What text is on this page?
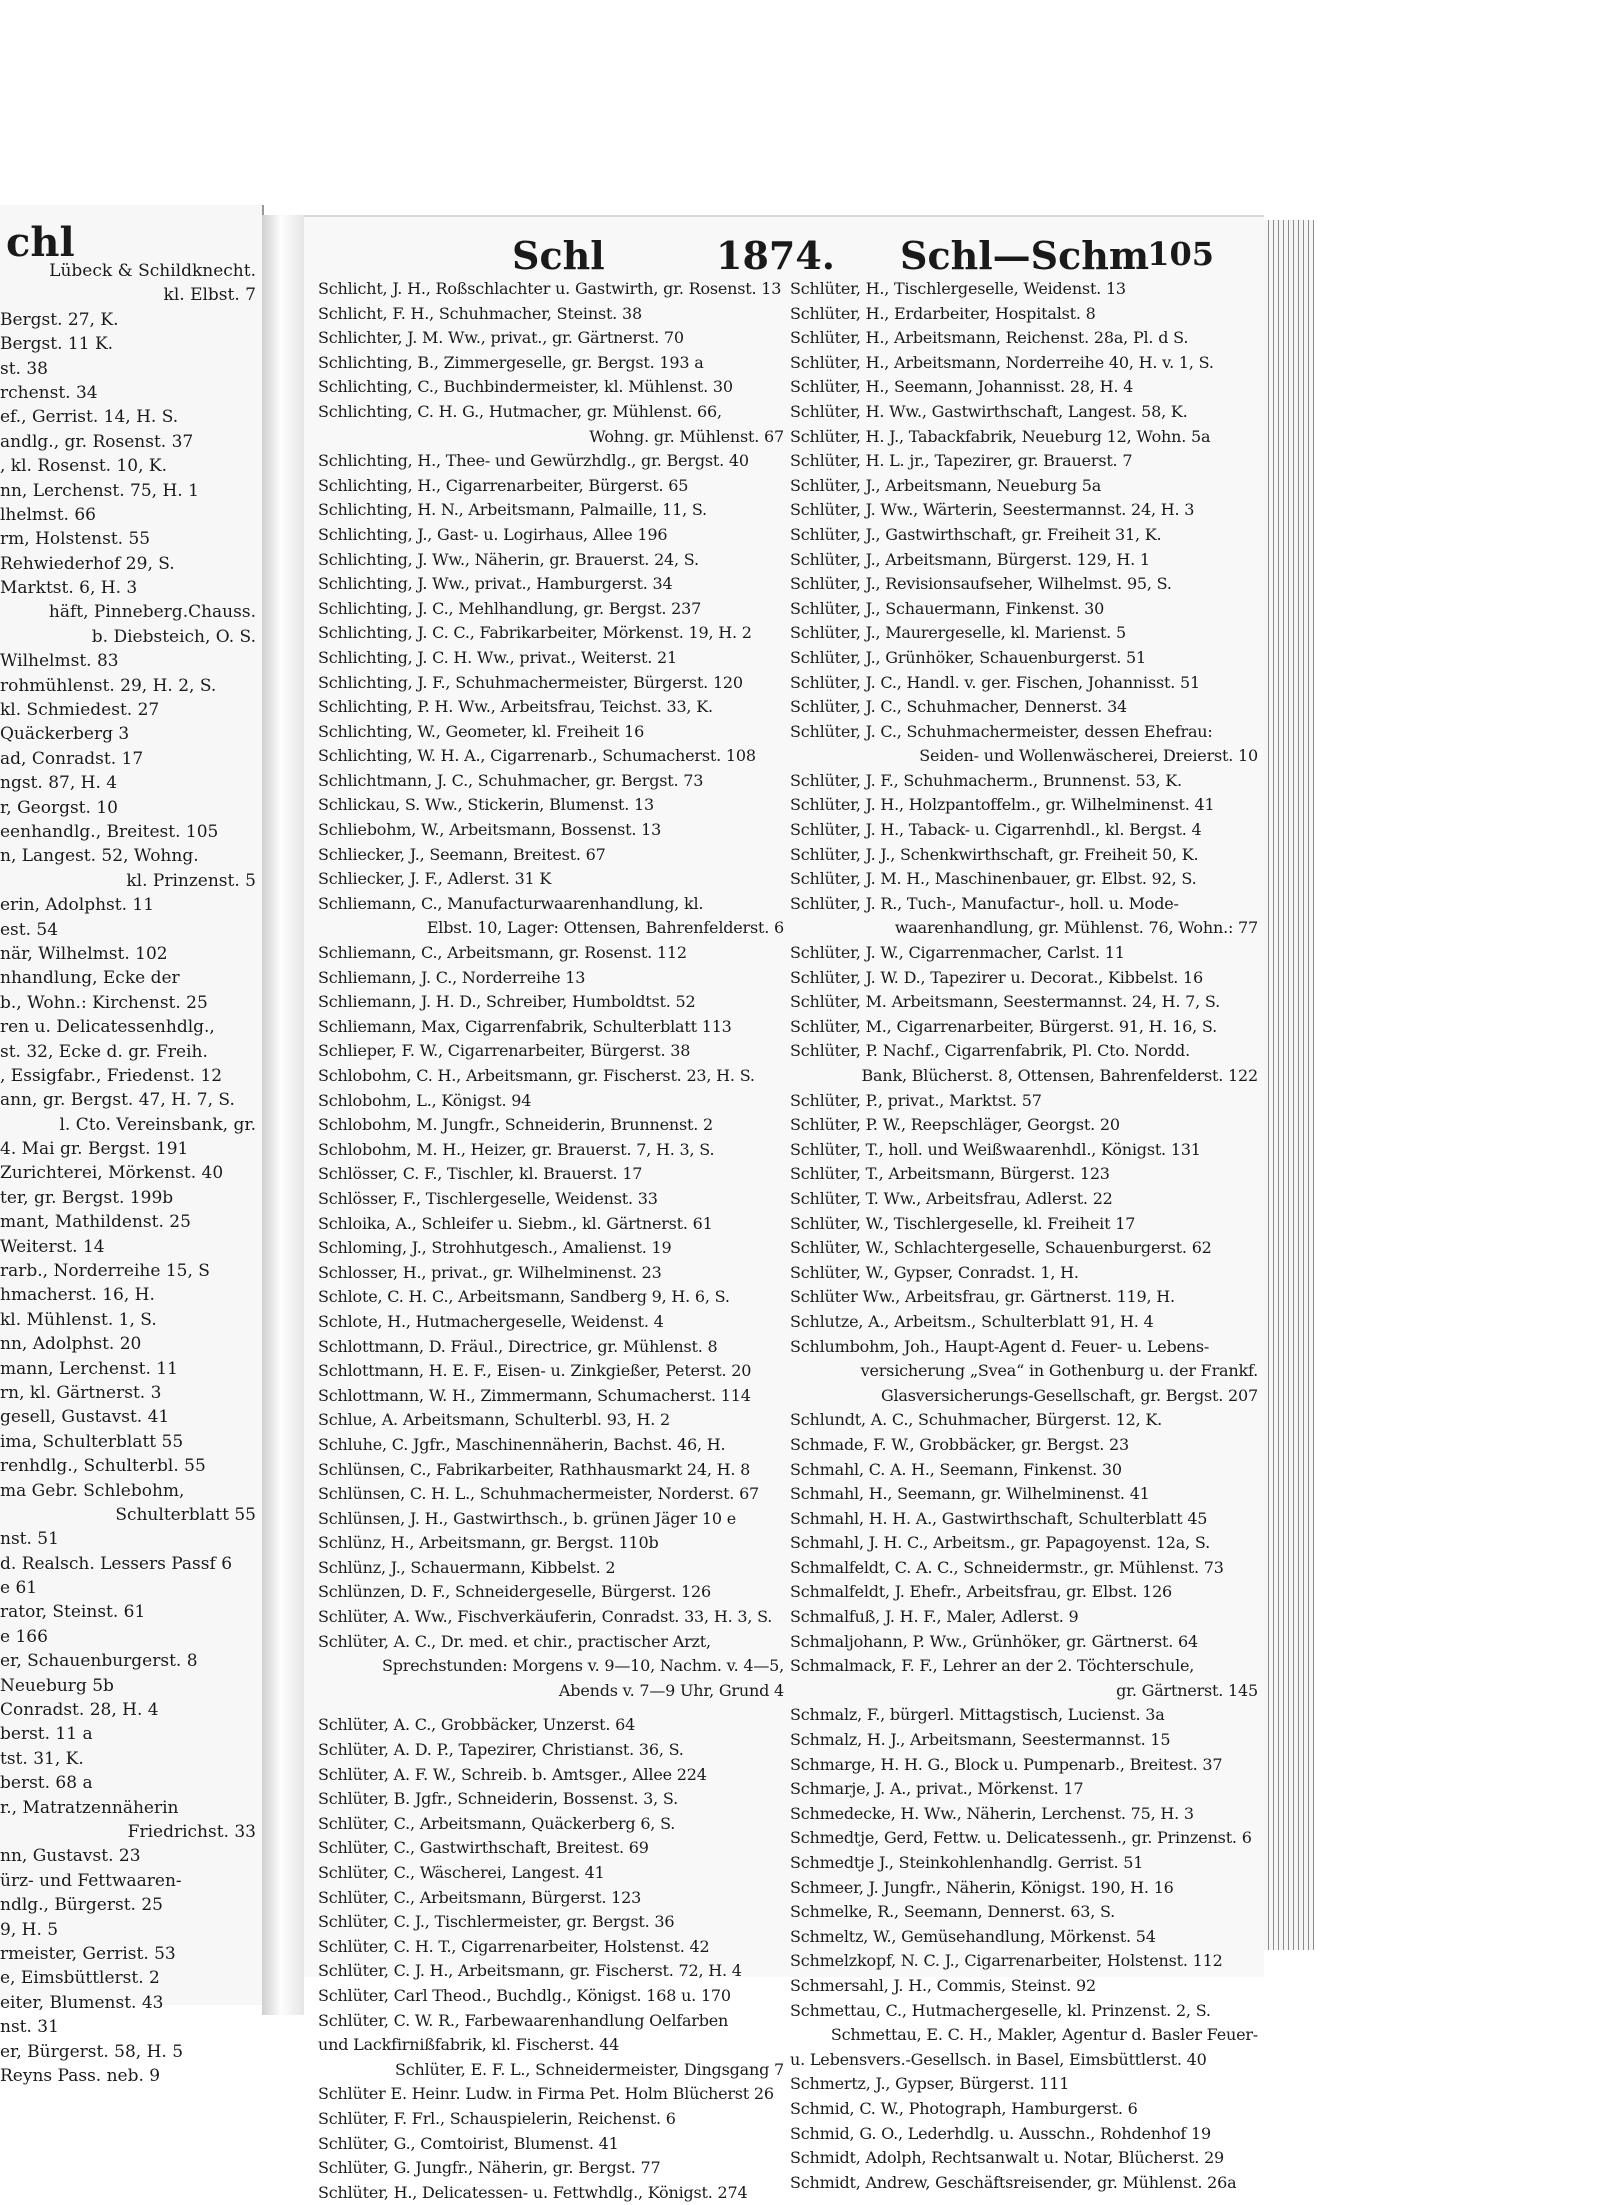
chl
Lübeck & Schildknecht.
kl. Elbst. 7
Bergst. 27, K.
Bergst. 11 K.
st. 38
rchenst. 34
ef., Gerrist. 14, H. S.
andlg., gr. Rosenst. 37
, kl. Rosenst. 10, K.
nn, Lerchenst. 75, H. 1
lhelmst. 66
rm, Holstenst. 55
Rehwiederhof 29, S.
Marktst. 6, H. 3
häft, Pinneberg.Chauss.
b. Diebsteich, O. S.
Wilhelmst. 83
rohmühlenst. 29, H. 2, S.
kl. Schmiedest. 27
Quäckerberg 3
ad, Conradst. 17
ngst. 87, H. 4
r, Georgst. 10
eenhandlg., Breitest. 105
n, Langest. 52, Wohng.
kl. Prinzenst. 5
erin, Adolphst. 11
est. 54
när, Wilhelmst. 102
nhandlung, Ecke der
b., Wohn.: Kirchenst. 25
ren u. Delicatessenhdlg.,
st. 32, Ecke d. gr. Freih.
, Essigfabr., Friedenst. 12
ann, gr. Bergst. 47, H. 7, S.
l. Cto. Vereinsbank, gr.
4. Mai gr. Bergst. 191
Zurichterei, Mörkenst. 40
ter, gr. Bergst. 199b
mant, Mathildenst. 25
Weiterst. 14
rarb., Norderreihe 15, S
hmacherst. 16, H.
kl. Mühlenst. 1, S.
nn, Adolphst. 20
mann, Lerchenst. 11
rn, kl. Gärtnerst. 3
gesell, Gustavst. 41
ima, Schulterblatt 55
renhdlg., Schulterbl. 55
ma Gebr. Schlebohm,
Schulterblatt 55
nst. 51
d. Realsch. Lessers Passf 6
e 61
rator, Steinst. 61
e 166
er, Schauenburgerst. 8
Neueburg 5b
Conradst. 28, H. 4
berst. 11 a
tst. 31, K.
berst. 68 a
r., Matratzennäherin
Friedrichst. 33
nn, Gustavst. 23
ürz- und Fettwaaren-
ndlg., Bürgerst. 25
9, H. 5
rmeister, Gerrist. 53
e, Eimsbüttlerst. 2
eiter, Blumenst. 43
nst. 31
er, Bürgerst. 58, H. 5
Reyns Pass. neb. 9
Schl	1874. Schl—Schm
105
Schlicht, J. H., Roßschlachter u. Gastwirth, gr. Rosenst. 13
Schlicht, F. H., Schuhmacher, Steinst. 38
Schlichter, J. M. Ww., privat., gr. Gärtnerst. 70
Schlichting, B., Zimmergeselle, gr. Bergst. 193 a
Schlichting, C., Buchbindermeister, kl. Mühlenst. 30
Schlichting, C. H. G., Hutmacher, gr. Mühlenst. 66,
Wohng. gr. Mühlenst. 67
Schlichting, H., Thee- und Gewürzhdlg., gr. Bergst. 40
Schlichting, H., Cigarrenarbeiter, Bürgerst. 65
Schlichting, H. N., Arbeitsmann, Palmaille, 11, S.
Schlichting, J., Gast- u. Logirhaus, Allee 196
Schlichting, J. Ww., Näherin, gr. Brauerst. 24, S.
Schlichting, J. Ww., privat., Hamburgerst. 34
Schlichting, J. C., Mehlhandlung, gr. Bergst. 237
Schlichting, J. C. C., Fabrikarbeiter, Mörkenst. 19, H. 2
Schlichting, J. C. H. Ww., privat., Weiterst. 21
Schlichting, J. F., Schuhmachermeister, Bürgerst. 120
Schlichting, P. H. Ww., Arbeitsfrau, Teichst. 33, K.
Schlichting, W., Geometer, kl. Freiheit 16
Schlichting, W. H. A., Cigarrenarb., Schumacherst. 108
Schlichtmann, J. C., Schuhmacher, gr. Bergst. 73
Schlickau, S. Ww., Stickerin, Blumenst. 13
Schliebohm, W., Arbeitsmann, Bossenst. 13
Schliecker, J., Seemann, Breitest. 67
Schliecker, J. F., Adlerst. 31 K
Schliemann, C., Manufacturwaarenhandlung, kl.
Elbst. 10, Lager: Ottensen, Bahrenfelderst. 6
Schliemann, C., Arbeitsmann, gr. Rosenst. 112
Schliemann, J. C., Norderreihe 13
Schliemann, J. H. D., Schreiber, Humboldtst. 52
Schliemann, Max, Cigarrenfabrik, Schulterblatt 113
Schlieper, F. W., Cigarrenarbeiter, Bürgerst. 38
Schlobohm, C. H., Arbeitsmann, gr. Fischerst. 23, H. S.
Schlobohm, L., Königst. 94
Schlobohm, M. Jungfr., Schneiderin, Brunnenst. 2
Schlobohm, M. H., Heizer, gr. Brauerst. 7, H. 3, S.
Schlösser, C. F., Tischler, kl. Brauerst. 17
Schlösser, F., Tischlergeselle, Weidenst. 33
Schloika, A., Schleifer u. Siebm., kl. Gärtnerst. 61
Schloming, J., Strohhutgesch., Amalienst. 19
Schlosser, H., privat., gr. Wilhelminenst. 23
Schlote, C. H. C., Arbeitsmann, Sandberg 9, H. 6, S.
Schlote, H., Hutmachergeselle, Weidenst. 4
Schlottmann, D. Fräul., Directrice, gr. Mühlenst. 8
Schlottmann, H. E. F., Eisen- u. Zinkgießer, Peterst. 20
Schlottmann, W. H., Zimmermann, Schumacherst. 114
Schlue, A. Arbeitsmann, Schulterbl. 93, H. 2
Schluhe, C. Jgfr., Maschinennäherin, Bachst. 46, H.
Schlünsen, C., Fabrikarbeiter, Rathhausmarkt 24, H. 8
Schlünsen, C. H. L., Schuhmachermeister, Norderst. 67
Schlünsen, J. H., Gastwirthsch., b. grünen Jäger 10 e
Schlünz, H., Arbeitsmann, gr. Bergst. 110b
Schlünz, J., Schauermann, Kibbelst. 2
Schlünzen, D. F., Schneidergeselle, Bürgerst. 126
Schlüter, A. Ww., Fischverkäuferin, Conradst. 33, H. 3, S.
Schlüter, A. C., Dr. med. et chir., practischer Arzt,
Sprechstunden: Morgens v. 9—10, Nachm. v. 4—5,
Abends v. 7—9 Uhr, Grund 4
Schlüter, A. C., Grobbäcker, Unzerst. 64
Schlüter, A. D. P., Tapezirer, Christianst. 36, S.
Schlüter, A. F. W., Schreib. b. Amtsger., Allee 224
Schlüter, B. Jgfr., Schneiderin, Bossenst. 3, S.
Schlüter, C., Arbeitsmann, Quäckerberg 6, S.
Schlüter, C., Gastwirthschaft, Breitest. 69
Schlüter, C., Wäscherei, Langest. 41
Schlüter, C., Arbeitsmann, Bürgerst. 123
Schlüter, C. J., Tischlermeister, gr. Bergst. 36
Schlüter, C. H. T., Cigarrenarbeiter, Holstenst. 42
Schlüter, C. J. H., Arbeitsmann, gr. Fischerst. 72, H. 4
Schlüter, Carl Theod., Buchdlg., Königst. 168 u. 170
Schlüter, C. W. R., Farbewaarenhandlung Oelfarben
und Lackfirnißfabrik, kl. Fischerst. 44
Schlüter, E. F. L., Schneidermeister, Dingsgang 7
Schlüter E. Heinr. Ludw. in Firma Pet. Holm Blücherst 26
Schlüter, F. Frl., Schauspielerin, Reichenst. 6
Schlüter, G., Comtoirist, Blumenst. 41
Schlüter, G. Jungfr., Näherin, gr. Bergst. 77
Schlüter, H., Delicatessen- u. Fettwhdlg., Königst. 274
Schlüter, H., Tischlergeselle, Weidenst. 13
Schlüter, H., Erdarbeiter, Hospitalst. 8
Schlüter, H., Arbeitsmann, Reichenst. 28a, Pl. d S.
Schlüter, H., Arbeitsmann, Norderreihe 40, H. v. 1, S.
Schlüter, H., Seemann, Johannisst. 28, H. 4
Schlüter, H. Ww., Gastwirthschaft, Langest. 58, K.
Schlüter, H. J., Tabackfabrik, Neueburg 12, Wohn. 5a
Schlüter, H. L. jr., Tapezirer, gr. Brauerst. 7
Schlüter, J., Arbeitsmann, Neueburg 5a
Schlüter, J. Ww., Wärterin, Seestermannst. 24, H. 3
Schlüter, J., Gastwirthschaft, gr. Freiheit 31, K.
Schlüter, J., Arbeitsmann, Bürgerst. 129, H. 1
Schlüter, J., Revisionsaufseher, Wilhelmst. 95, S.
Schlüter, J., Schauermann, Finkenst. 30
Schlüter, J., Maurergeselle, kl. Marienst. 5
Schlüter, J., Grünhöker, Schauenburgerst. 51
Schlüter, J. C., Handl. v. ger. Fischen, Johannisst. 51
Schlüter, J. C., Schuhmacher, Dennerst. 34
Schlüter, J. C., Schuhmachermeister, dessen Ehefrau:
Seiden- und Wollenwäscherei, Dreierst. 10
Schlüter, J. F., Schuhmacherm., Brunnenst. 53, K.
Schlüter, J. H., Holzpantoffelm., gr. Wilhelminenst. 41
Schlüter, J. H., Taback- u. Cigarrenhdl., kl. Bergst. 4
Schlüter, J. J., Schenkwirthschaft, gr. Freiheit 50, K.
Schlüter, J. M. H., Maschinenbauer, gr. Elbst. 92, S.
Schlüter, J. R., Tuch-, Manufactur-, holl. u. Mode-
waarenhandlung, gr. Mühlenst. 76, Wohn.: 77
Schlüter, J. W., Cigarrenmacher, Carlst. 11
Schlüter, J. W. D., Tapezirer u. Decorat., Kibbelst. 16
Schlüter, M. Arbeitsmann, Seestermannst. 24, H. 7, S.
Schlüter, M., Cigarrenarbeiter, Bürgerst. 91, H. 16, S.
Schlüter, P. Nachf., Cigarrenfabrik, Pl. Cto. Nordd.
Bank, Blücherst. 8, Ottensen, Bahrenfelderst. 122
Schlüter, P., privat., Marktst. 57
Schlüter, P. W., Reepschläger, Georgst. 20
Schlüter, T., holl. und Weißwaarenhdl., Königst. 131
Schlüter, T., Arbeitsmann, Bürgerst. 123
Schlüter, T. Ww., Arbeitsfrau, Adlerst. 22
Schlüter, W., Tischlergeselle, kl. Freiheit 17
Schlüter, W., Schlachtergeselle, Schauenburgerst. 62
Schlüter, W., Gypser, Conradst. 1, H.
Schlüter Ww., Arbeitsfrau, gr. Gärtnerst. 119, H.
Schlutze, A., Arbeitsm., Schulterblatt 91, H. 4
Schlumbohm, Joh., Haupt-Agent d. Feuer- u. Lebens-
versicherung „Svea“ in Gothenburg u. der Frankf.
Glasversicherungs-Gesellschaft, gr. Bergst. 207
Schlundt, A. C., Schuhmacher, Bürgerst. 12, K.
Schmade, F. W., Grobbäcker, gr. Bergst. 23
Schmahl, C. A. H., Seemann, Finkenst. 30
Schmahl, H., Seemann, gr. Wilhelminenst. 41
Schmahl, H. H. A., Gastwirthschaft, Schulterblatt 45
Schmahl, J. H. C., Arbeitsm., gr. Papagoyenst. 12a, S.
Schmalfeldt, C. A. C., Schneidermstr., gr. Mühlenst. 73
Schmalfeldt, J. Ehefr., Arbeitsfrau, gr. Elbst. 126
Schmalfuß, J. H. F., Maler, Adlerst. 9
Schmaljohann, P. Ww., Grünhöker, gr. Gärtnerst. 64
Schmalmack, F. F., Lehrer an der 2. Töchterschule,
gr. Gärtnerst. 145
Schmalz, F., bürgerl. Mittagstisch, Lucienst. 3a
Schmalz, H. J., Arbeitsmann, Seestermannst. 15
Schmarge, H. H. G., Block u. Pumpenarb., Breitest. 37
Schmarje, J. A., privat., Mörkenst. 17
Schmedecke, H. Ww., Näherin, Lerchenst. 75, H. 3
Schmedtje, Gerd, Fettw. u. Delicatessenh., gr. Prinzenst. 6
Schmedtje J., Steinkohlenhandlg. Gerrist. 51
Schmeer, J. Jungfr., Näherin, Königst. 190, H. 16
Schmelke, R., Seemann, Dennerst. 63, S.
Schmeltz, W., Gemüsehandlung, Mörkenst. 54
Schmelzkopf, N. C. J., Cigarrenarbeiter, Holstenst. 112
Schmersahl, J. H., Commis, Steinst. 92
Schmettau, C., Hutmachergeselle, kl. Prinzenst. 2, S.
Schmettau, E. C. H., Makler, Agentur d. Basler Feuer-
u. Lebensvers.-Gesellsch. in Basel, Eimsbüttlerst. 40
Schmertz, J., Gypser, Bürgerst. 111
Schmid, C. W., Photograph, Hamburgerst. 6
Schmid, G. O., Lederhdlg. u. Ausschn., Rohdenhof 19
Schmidt, Adolph, Rechtsanwalt u. Notar, Blücherst. 29
Schmidt, Andrew, Geschäftsreisender, gr. Mühlenst. 26a
